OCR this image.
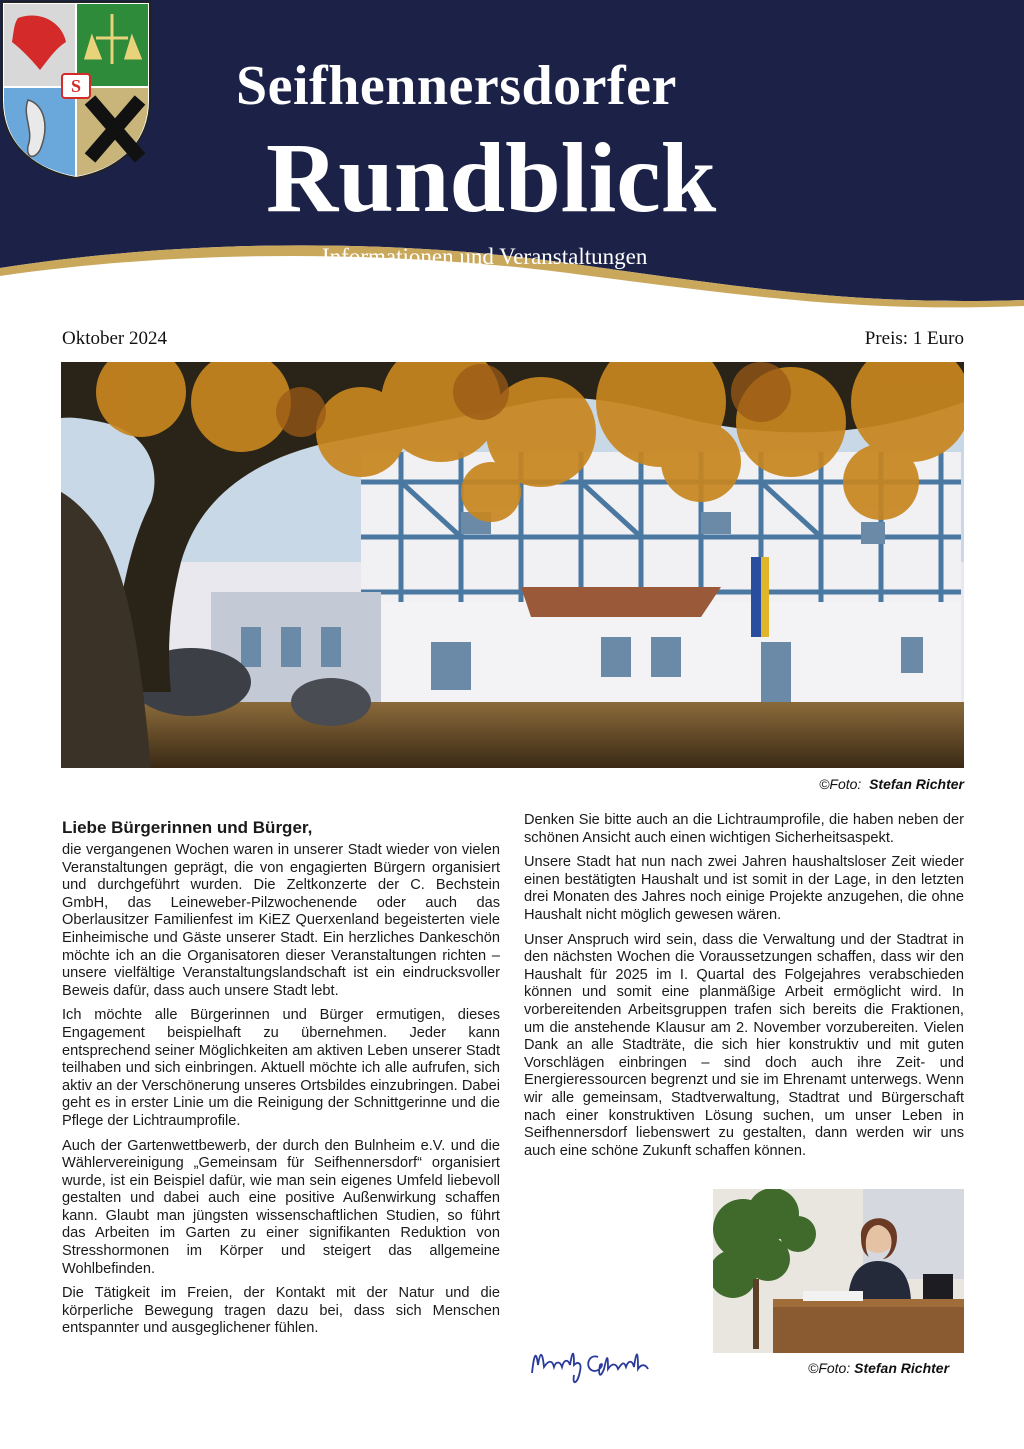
S	Seifhennersdorfer
Rundblick

Informationen und Veranstaltungen

Oktober 2024	Preis: 1 Euro
©Foto: Stefan Richter
Liebe Bürgerinnen und Bürger,

die vergangenen Wochen waren in unserer Stadt wieder von vielen Veranstaltungen geprägt, die von engagierten Bürgern organisiert und durchgeführt wurden. Die Zeltkonzerte der C. Bechstein GmbH, das Leineweber-Pilzwochenende oder auch das Oberlausitzer Familienfest im KiEZ Querxenland begeisterten viele Einheimische und Gäste unserer Stadt. Ein herzliches Dankeschön möchte ich an die Organisatoren dieser Veranstaltungen richten – unsere vielfältige Veranstaltungslandschaft ist ein eindrucksvoller Beweis dafür, dass auch unsere Stadt lebt.

Ich möchte alle Bürgerinnen und Bürger ermutigen, dieses Engagement beispielhaft zu übernehmen. Jeder kann entsprechend seiner Möglichkeiten am aktiven Leben unserer Stadt teilhaben und sich einbringen. Aktuell möchte ich alle aufrufen, sich aktiv an der Verschönerung unseres Ortsbildes einzubringen. Dabei geht es in erster Linie um die Reinigung der Schnittgerinne und die Pflege der Lichtraumprofile.

Auch der Gartenwettbewerb, der durch den Bulnheim e.V. und die Wählervereinigung „Gemeinsam für Seifhennersdorf“ organisiert wurde, ist ein Beispiel dafür, wie man sein eigenes Umfeld liebevoll gestalten und dabei auch eine positive Außenwirkung schaffen kann. Glaubt man jüngsten wissenschaftlichen Studien, so führt das Arbeiten im Garten zu einer signifikanten Reduktion von Stresshormonen im Körper und steigert das allgemeine Wohlbefinden.

Die Tätigkeit im Freien, der Kontakt mit der Natur und die körperliche Bewegung tragen dazu bei, dass sich Menschen entspannter und ausgeglichener fühlen.

Denken Sie bitte auch an die Lichtraumprofile, die haben neben der schönen Ansicht auch einen wichtigen Sicherheitsaspekt.

Unsere Stadt hat nun nach zwei Jahren haushaltsloser Zeit wieder einen bestätigten Haushalt und ist somit in der Lage, in den letzten drei Monaten des Jahres noch einige Projekte anzugehen, die ohne Haushalt nicht möglich gewesen wären.

Unser Anspruch wird sein, dass die Verwaltung und der Stadtrat in den nächsten Wochen die Voraussetzungen schaffen, dass wir den Haushalt für 2025 im I. Quartal des Folgejahres verabschieden können und somit eine planmäßige Arbeit ermöglicht wird. In vorbereitenden Arbeitsgruppen trafen sich bereits die Fraktionen, um die anstehende Klausur am 2. November vorzubereiten. Vielen Dank an alle Stadträte, die sich hier konstruktiv und mit guten Vorschlägen einbringen – sind doch auch ihre Zeit- und Energieressourcen begrenzt und sie im Ehrenamt unterwegs. Wenn wir alle gemeinsam, Stadtverwaltung, Stadtrat und Bürgerschaft nach einer konstruktiven Lösung suchen, um unser Leben in Seifhennersdorf liebenswert zu gestalten, dann werden wir uns auch eine schöne Zukunft schaffen können.

©Foto: Stefan Richter
